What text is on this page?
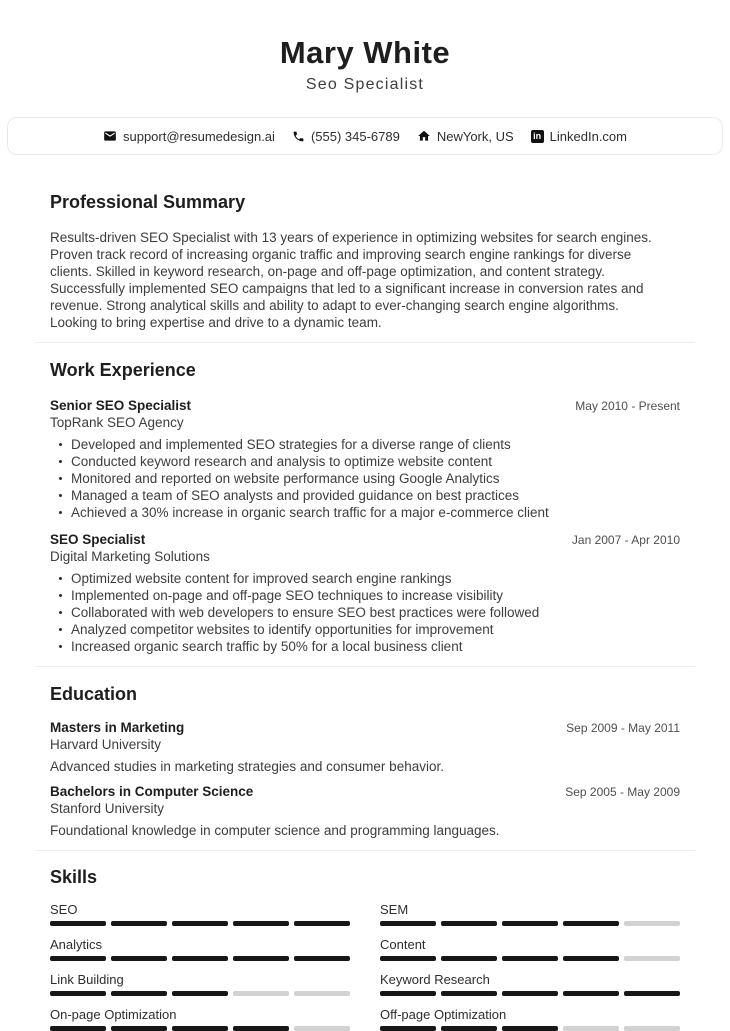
Mary White
Seo Specialist
support@resumedesign.ai	(555) 345-6789	NewYork, US in	LinkedIn.com
Professional Summary

Results-driven SEO Specialist with 13 years of experience in optimizing websites for search engines. Proven track record of increasing organic traffic and improving search engine rankings for diverse clients. Skilled in keyword research, on-page and off-page optimization, and content strategy. Successfully implemented SEO campaigns that led to a significant increase in conversion rates and revenue. Strong analytical skills and ability to adapt to ever-changing search engine algorithms. Looking to bring expertise and drive to a dynamic team.

Work Experience
Senior SEO Specialist
TopRank SEO Agency
May 2010 - Present
Developed and implemented SEO strategies for a diverse range of clients
Conducted keyword research and analysis to optimize website content
Monitored and reported on website performance using Google Analytics
Managed a team of SEO analysts and provided guidance on best practices
Achieved a 30% increase in organic search traffic for a major e-commerce client
SEO Specialist
Digital Marketing Solutions
Jan 2007 - Apr 2010
Optimized website content for improved search engine rankings
Implemented on-page and off-page SEO techniques to increase visibility
Collaborated with web developers to ensure SEO best practices were followed
Analyzed competitor websites to identify opportunities for improvement
Increased organic search traffic by 50% for a local business client
Education
Masters in Marketing
Harvard University
Sep 2009 - May 2011

Advanced studies in marketing strategies and consumer behavior.

Bachelors in Computer Science
Stanford University
Sep 2005 - May 2009

Foundational knowledge in computer science and programming languages.

Skills
SEO	SEM
Analytics	Content
Link Building	Keyword Research
On-page Optimization	Off-page Optimization
